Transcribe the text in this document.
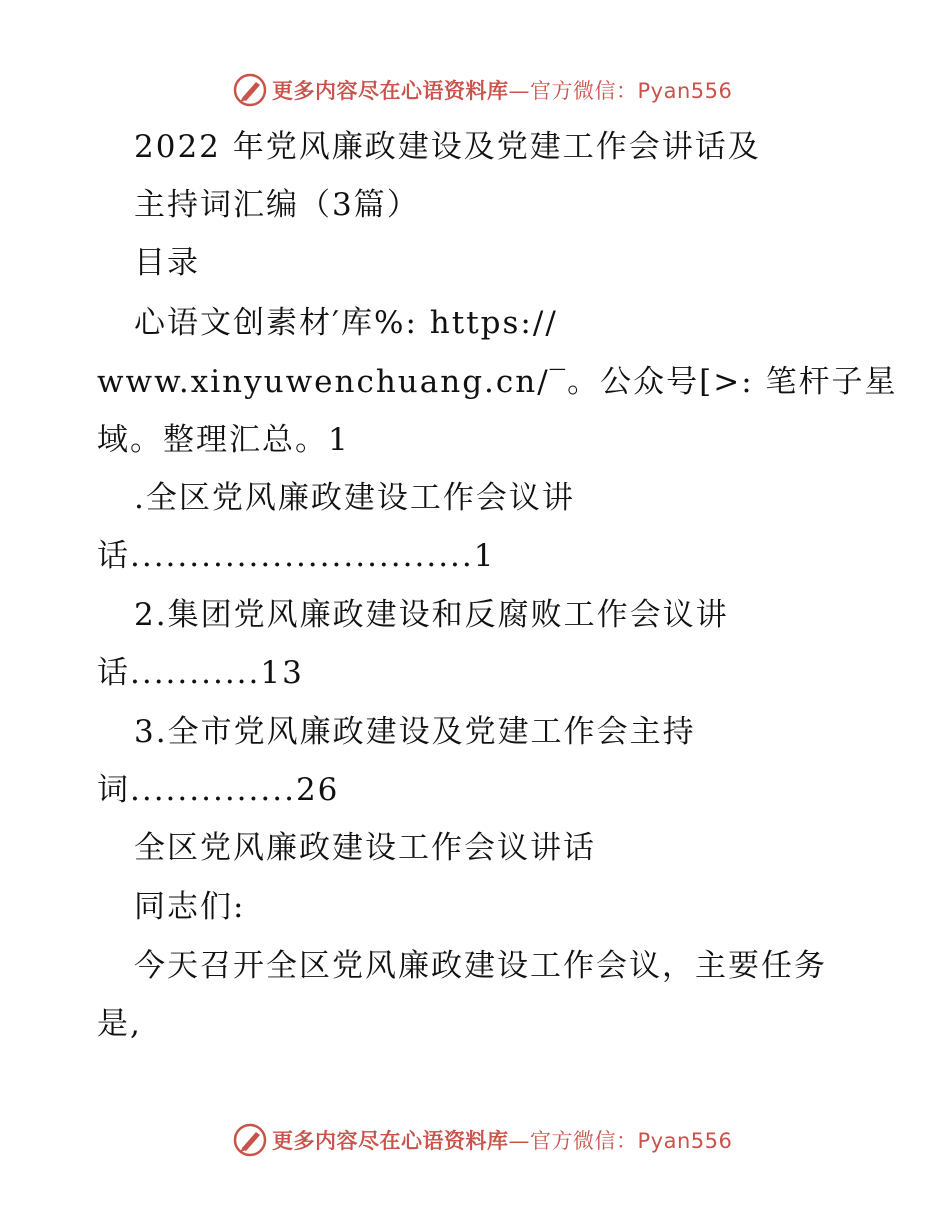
更多内容尽在心语资料库—官方微信：Pyan556
2022 年党风廉政建设及党建工作会讲话及
主持词汇编（3篇）
目录
心语文创素材′库%: https://
www.xinyuwenchuang.cn/‾。公众号[>: 笔杆子星
域。整理汇总。1
.全区党风廉政建设工作会议讲
话.............................1
2.集团党风廉政建设和反腐败工作会议讲
话...........13
3.全市党风廉政建设及党建工作会主持
词..............26
全区党风廉政建设工作会议讲话
同志们:
今天召开全区党风廉政建设工作会议，主要任务
是,
更多内容尽在心语资料库—官方微信：Pyan556
